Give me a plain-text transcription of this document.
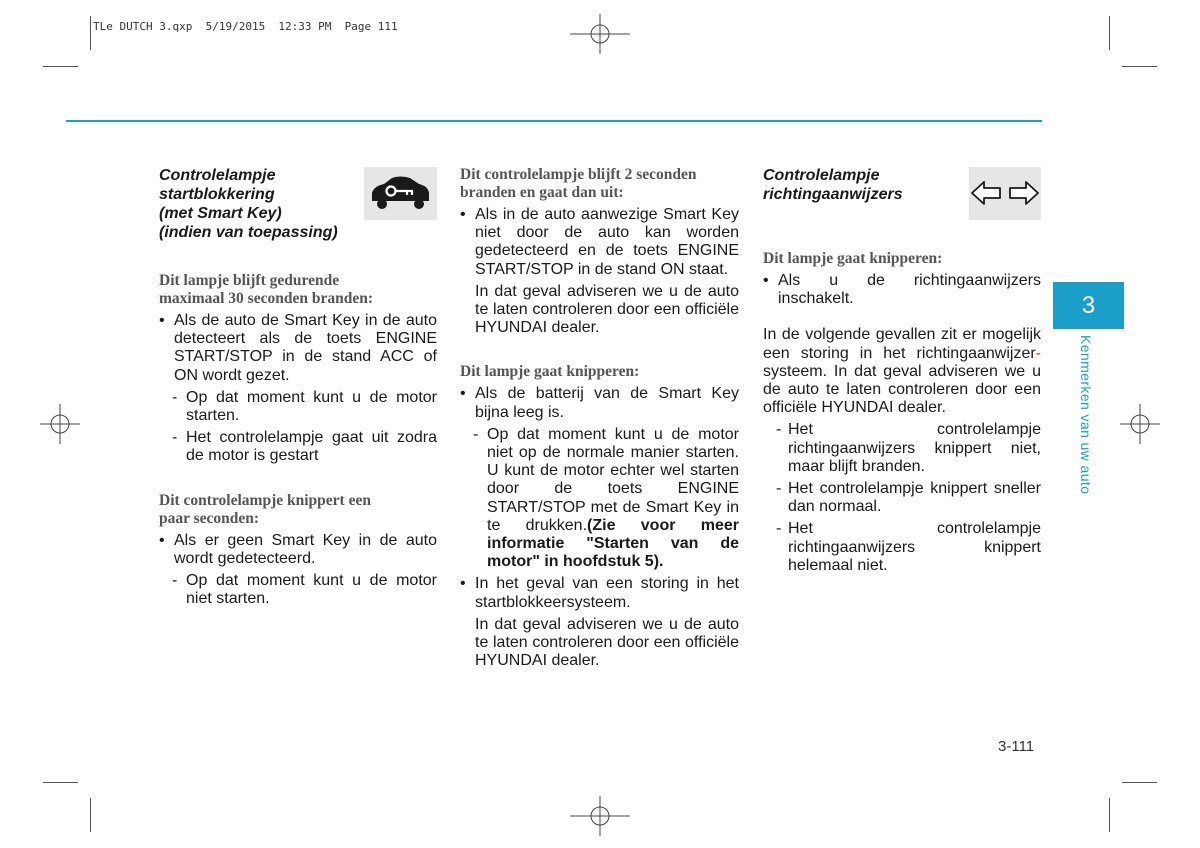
TLe DUTCH 3.qxp  5/19/2015  12:33 PM  Page 111
Controlelampje
startblokkering
(met Smart Key)
(indien van toepassing)
Dit lampje blijft gedurende
maximaal 30 seconden branden:

• Als de auto de Smart Key in de auto detecteert als de toets ENGINE START/STOP in de stand ACC of ON wordt gezet.

- Op dat moment kunt u de motor starten.

- Het controlelampje gaat uit zodra de motor is gestart

Dit controlelampje knippert een
paar seconden:

• Als er geen Smart Key in de auto wordt gedetecteerd.

- Op dat moment kunt u de motor niet starten.

Dit controlelampje blijft 2 seconden
branden en gaat dan uit:

• Als in de auto aanwezige Smart Key niet door de auto kan worden gedetecteerd en de toets ENGINE START/STOP in de stand ON staat.

In dat geval adviseren we u de auto te laten controleren door een officiële HYUNDAI dealer.

Dit lampje gaat knipperen:

• Als de batterij van de Smart Key bijna leeg is.

- Op dat moment kunt u de motor niet op de normale manier starten. U kunt de motor echter wel starten door de toets ENGINE START/STOP met de Smart Key in te drukken.(Zie voor meer informatie "Starten van de motor" in hoofdstuk 5).

• In het geval van een storing in het startblokkeersysteem.

In dat geval adviseren we u de auto te laten controleren door een officiële HYUNDAI dealer.

Controlelampje
richtingaanwijzers
Dit lampje gaat knipperen:

• Als u de richtingaanwijzers inschakelt.

In de volgende gevallen zit er mogelijk een storing in het richtingaanwijzer-systeem. In dat geval adviseren we u de auto te laten controleren door een officiële HYUNDAI dealer.

- Het controlelampje richtingaanwijzers knippert niet, maar blijft branden.

- Het controlelampje knippert sneller dan normaal.

- Het controlelampje richtingaanwijzers knippert helemaal niet.

3
Kenmerken van uw auto
3-111
